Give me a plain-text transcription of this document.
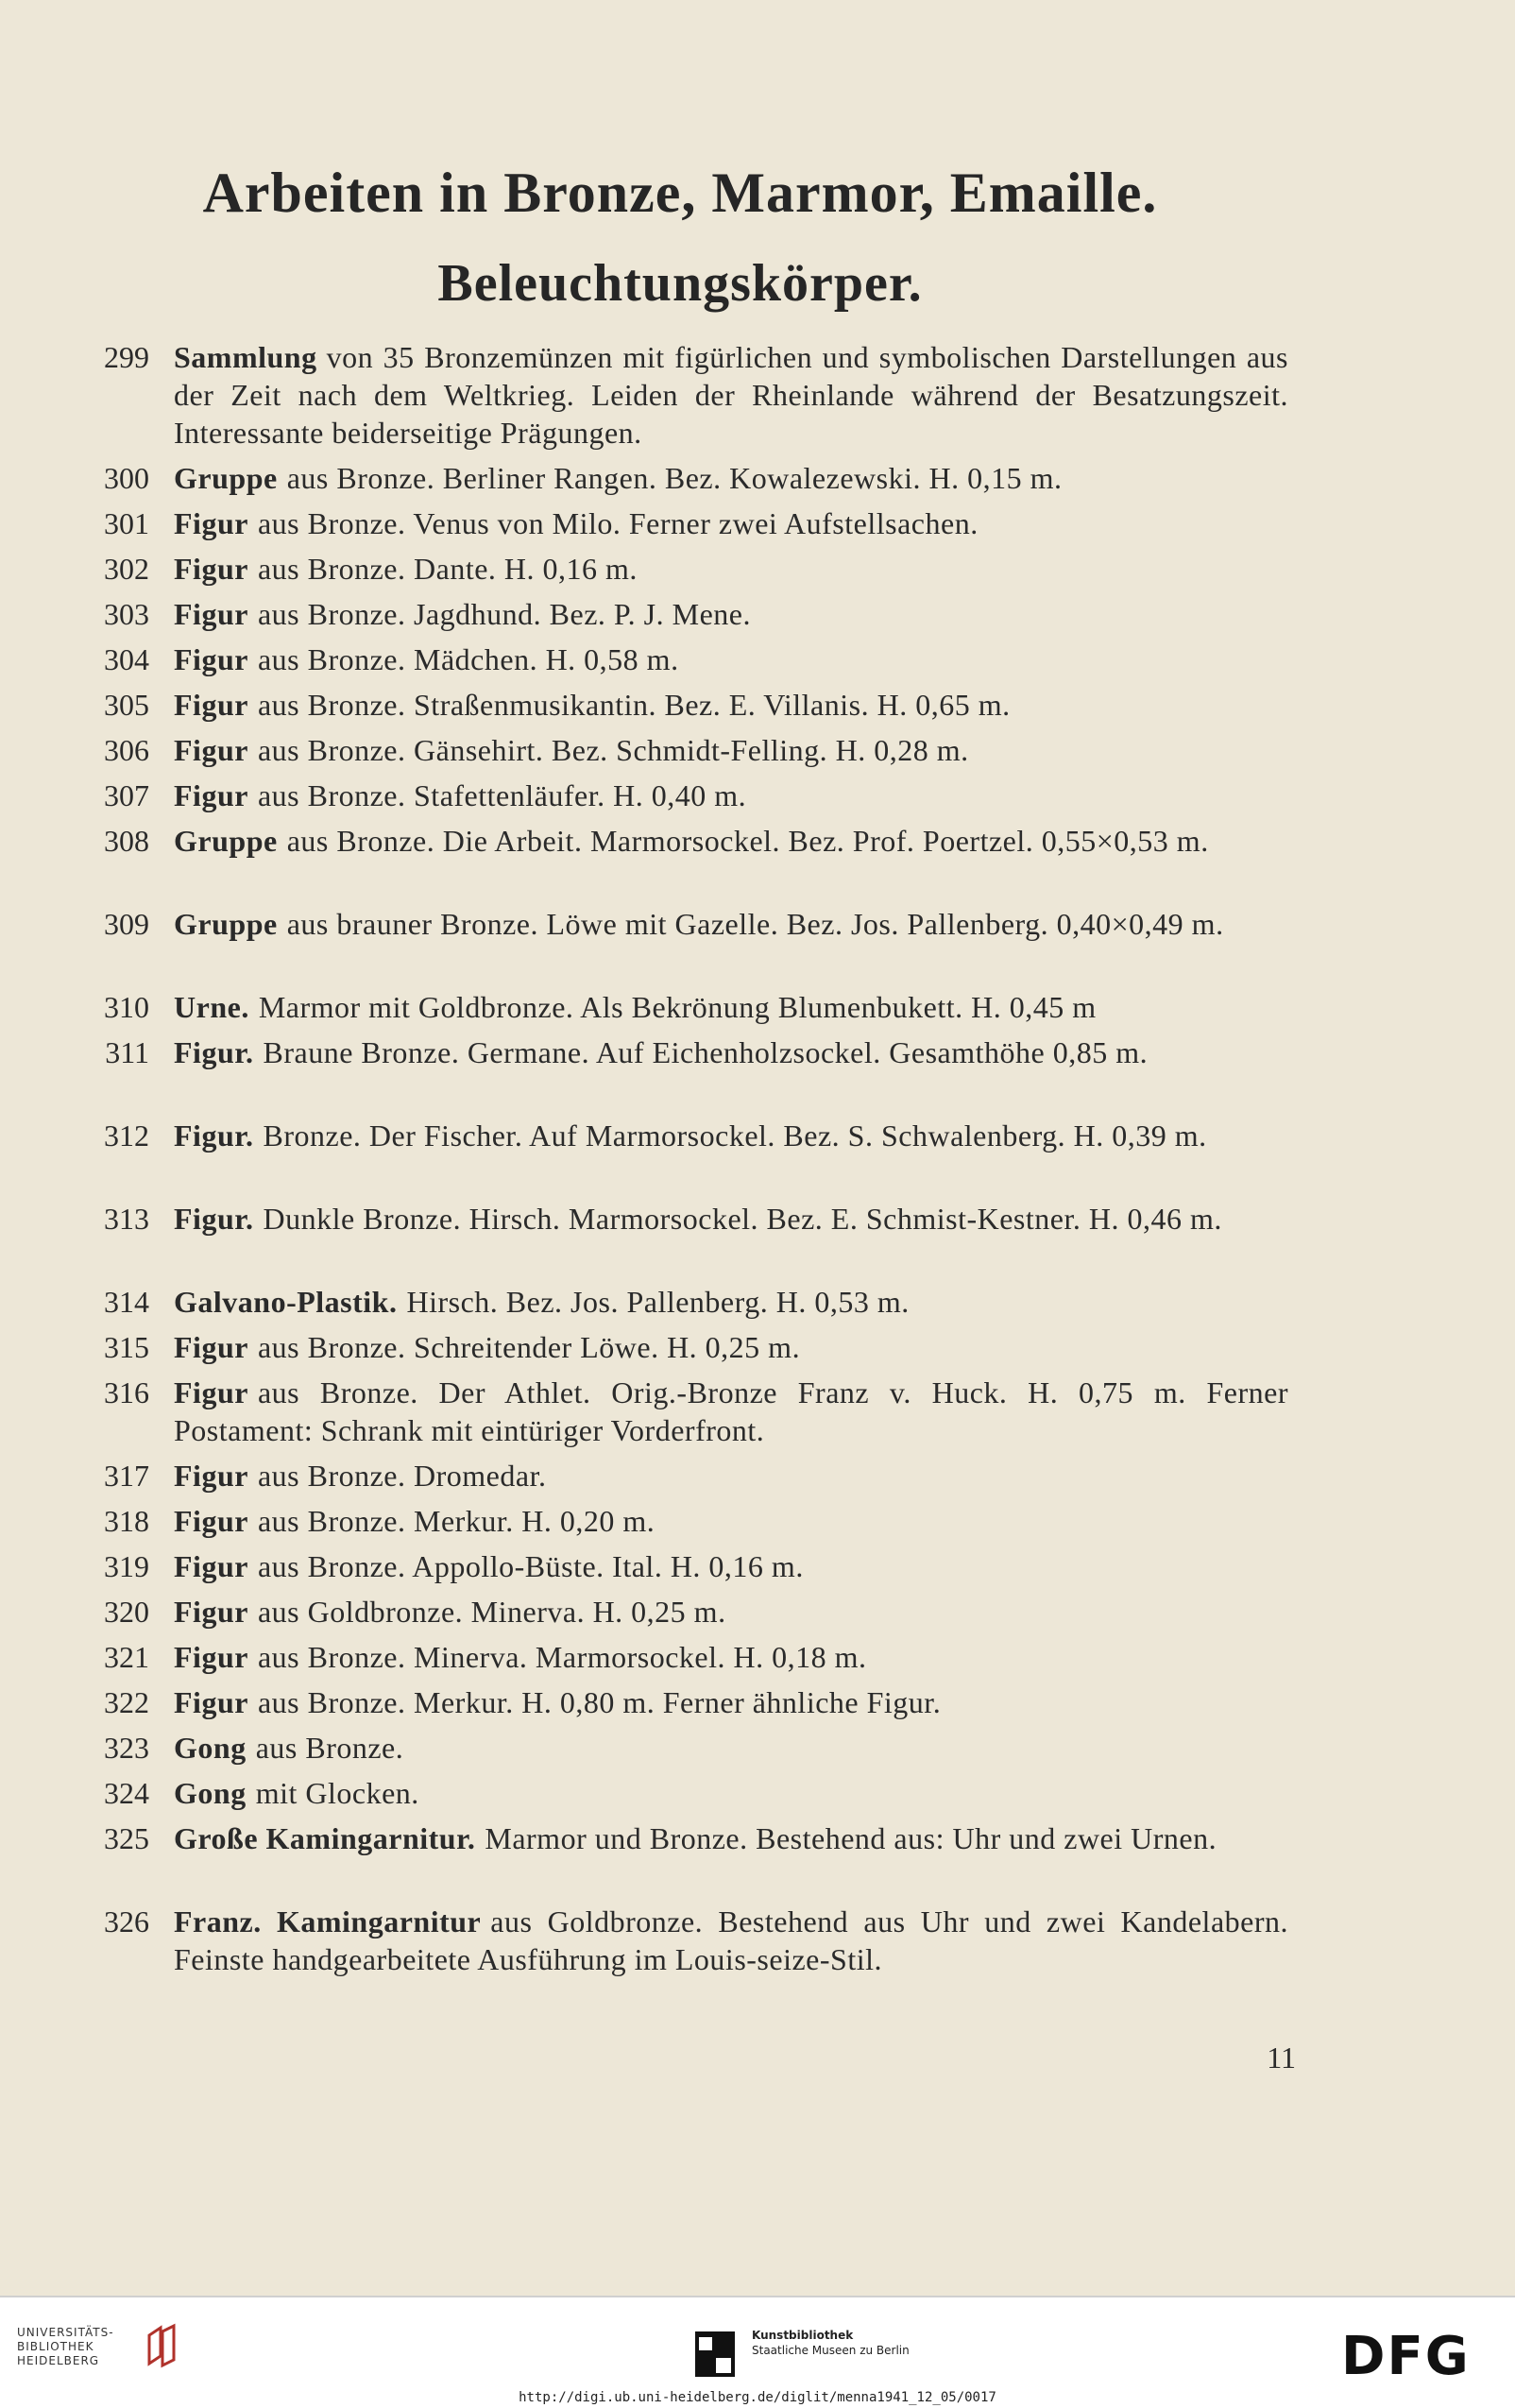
Arbeiten in Bronze, Marmor, Emaille.
Beleuchtungskörper.
299 Sammlung von 35 Bronzemünzen mit figürlichen und symbolischen Darstellungen aus der Zeit nach dem Weltkrieg. Leiden der Rheinlande während der Besatzungszeit. Interessante beiderseitige Prägungen.
300 Gruppe aus Bronze. Berliner Rangen. Bez. Kowalezewski. H. 0,15 m.
301 Figur aus Bronze. Venus von Milo. Ferner zwei Aufstellsachen.
302 Figur aus Bronze. Dante. H. 0,16 m.
303 Figur aus Bronze. Jagdhund. Bez. P. J. Mene.
304 Figur aus Bronze. Mädchen. H. 0,58 m.
305 Figur aus Bronze. Straßenmusikantin. Bez. E. Villanis. H. 0,65 m.
306 Figur aus Bronze. Gänsehirt. Bez. Schmidt-Felling. H. 0,28 m.
307 Figur aus Bronze. Stafettenläufer. H. 0,40 m.
308 Gruppe aus Bronze. Die Arbeit. Marmorsockel. Bez. Prof. Poertzel. 0,55×0,53 m.
309 Gruppe aus brauner Bronze. Löwe mit Gazelle. Bez. Jos. Pallenberg. 0,40×0,49 m.
310 Urne. Marmor mit Goldbronze. Als Bekrönung Blumenbukett. H. 0,45 m
311 Figur. Braune Bronze. Germane. Auf Eichenholzsockel. Gesamthöhe 0,85 m.
312 Figur. Bronze. Der Fischer. Auf Marmorsockel. Bez. S. Schwalenberg. H. 0,39 m.
313 Figur. Dunkle Bronze. Hirsch. Marmorsockel. Bez. E. Schmist-Kestner. H. 0,46 m.
314 Galvano-Plastik. Hirsch. Bez. Jos. Pallenberg. H. 0,53 m.
315 Figur aus Bronze. Schreitender Löwe. H. 0,25 m.
316 Figur aus Bronze. Der Athlet. Orig.-Bronze Franz v. Huck. H. 0,75 m. Ferner Postament: Schrank mit eintüriger Vorderfront.
317 Figur aus Bronze. Dromedar.
318 Figur aus Bronze. Merkur. H. 0,20 m.
319 Figur aus Bronze. Appollo-Büste. Ital. H. 0,16 m.
320 Figur aus Goldbronze. Minerva. H. 0,25 m.
321 Figur aus Bronze. Minerva. Marmorsockel. H. 0,18 m.
322 Figur aus Bronze. Merkur. H. 0,80 m. Ferner ähnliche Figur.
323 Gong aus Bronze.
324 Gong mit Glocken.
325 Große Kamingarnitur. Marmor und Bronze. Bestehend aus: Uhr und zwei Urnen.
326 Franz. Kamingarnitur aus Goldbronze. Bestehend aus Uhr und zwei Kandelabern. Feinste handgearbeitete Ausführung im Louis-seize-Stil.
11
UNIVERSITÄTS-
BIBLIOTHEK
HEIDELBERG
Kunstbibliothek
Staatliche Museen zu Berlin	DFG
http://digi.ub.uni-heidelberg.de/diglit/menna1941_12_05/0017
